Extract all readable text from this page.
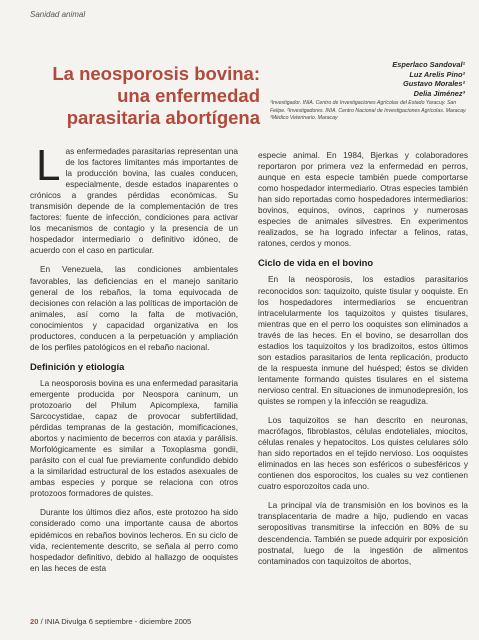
Sanidad animal
La neosporosis bovina:
una enfermedad
parasitaria abortígena
Esperlaco Sandoval¹
Luz Arelis Pino²
Gustavo Morales²
Delia Jiménez³
¹Investigador. INIA. Centro de Investigaciones Agrícolas del Estado Yaracuy. San Felipe. ²Investigadores. INIA. Centro Nacional de Investigaciones Agrícolas. Maracay. ³Médico Veterinario. Maracay

Las enfermedades parasitarias representan una de los factores limitantes más importantes de la producción bovina, las cuales conducen, especialmente, desde estados inaparentes o crónicos a grandes pérdidas económicas. Su transmisión depende de la complementación de tres factores: fuente de infección, condiciones para activar los mecanismos de contagio y la presencia de un hospedador intermediario o definitivo idóneo, de acuerdo con el caso en particular.

En Venezuela, las condiciones ambientales favorables, las deficiencias en el manejo sanitario general de los rebaños, la toma equivocada de decisiones con relación a las políticas de importación de animales, así como la falta de motivación, conocimientos y capacidad organizativa en los productores, conducen a la perpetuación y ampliación de los perfiles patológicos en el rebaño nacional.

Definición y etiología

La neosporosis bovina es una enfermedad parasitaria emergente producida por Neospora caninum, un protozoario del Philum Apicomplexa, familia Sarcocystidae, capaz de provocar subfertilidad, pérdidas tempranas de la gestación, momificaciones, abortos y nacimiento de becerros con ataxia y parálisis. Morfológicamente es similar a Toxoplasma gondii, parásito con el cual fue previamente confundido debido a la similaridad estructural de los estados asexuales de ambas especies y porque se relaciona con otros protozoos formadores de quistes.

Durante los últimos diez años, este protozoo ha sido considerado como una importante causa de abortos epidémicos en rebaños bovinos lecheros. En su ciclo de vida, recientemente descrito, se señala al perro como hospedador definitivo, debido al hallazgo de ooquistes en las heces de esta

especie animal. En 1984, Bjerkas y colaboradores reportaron por primera vez la enfermedad en perros, aunque en esta especie también puede comportarse como hospedador intermediario. Otras especies también han sido reportadas como hospedadores intermediarios: bovinos, equinos, ovinos, caprinos y numerosas especies de animales silvestres. En experimentos realizados, se ha logrado infectar a felinos, ratas, ratones, cerdos y monos.

Ciclo de vida en el bovino

En la neosporosis, los estadios parasitarios reconocidos son: taquizoito, quiste tisular y ooquiste. En los hospedadores intermediarios se encuentran intracelularmente los taquizoitos y quistes tisulares, mientras que en el perro los ooquistes son eliminados a través de las heces. En el bovino, se desarrollan dos estadios los taquizoitos y los bradizoitos, estos últimos son estadios parasitarios de lenta replicación, producto de la respuesta inmune del huésped; éstos se dividen lentamente formando quistes tisulares en el sistema nervioso central. En situaciones de inmunodepresión, los quistes se rompen y la infección se reagudiza.

Los taquizoitos se han descrito en neuronas, macrófagos, fibroblastos, células endoteliales, miocitos, células renales y hepatocitos. Los quistes celulares sólo han sido reportados en el tejido nervioso. Los ooquistes eliminados en las heces son esféricos o subesféricos y contienen dos esporocitos, los cuales su vez contienen cuatro esporozoitos cada uno.

La principal vía de transmisión en los bovinos es la transplacentaria de madre a hijo, pudiendo en vacas seropositivas transmitirse la infección en 80% de su descendencia. También se puede adquirir por exposición postnatal, luego de la ingestión de alimentos contaminados con taquizoitos de abortos,

20 / INIA Divulga 6 septiembre - diciembre 2005
